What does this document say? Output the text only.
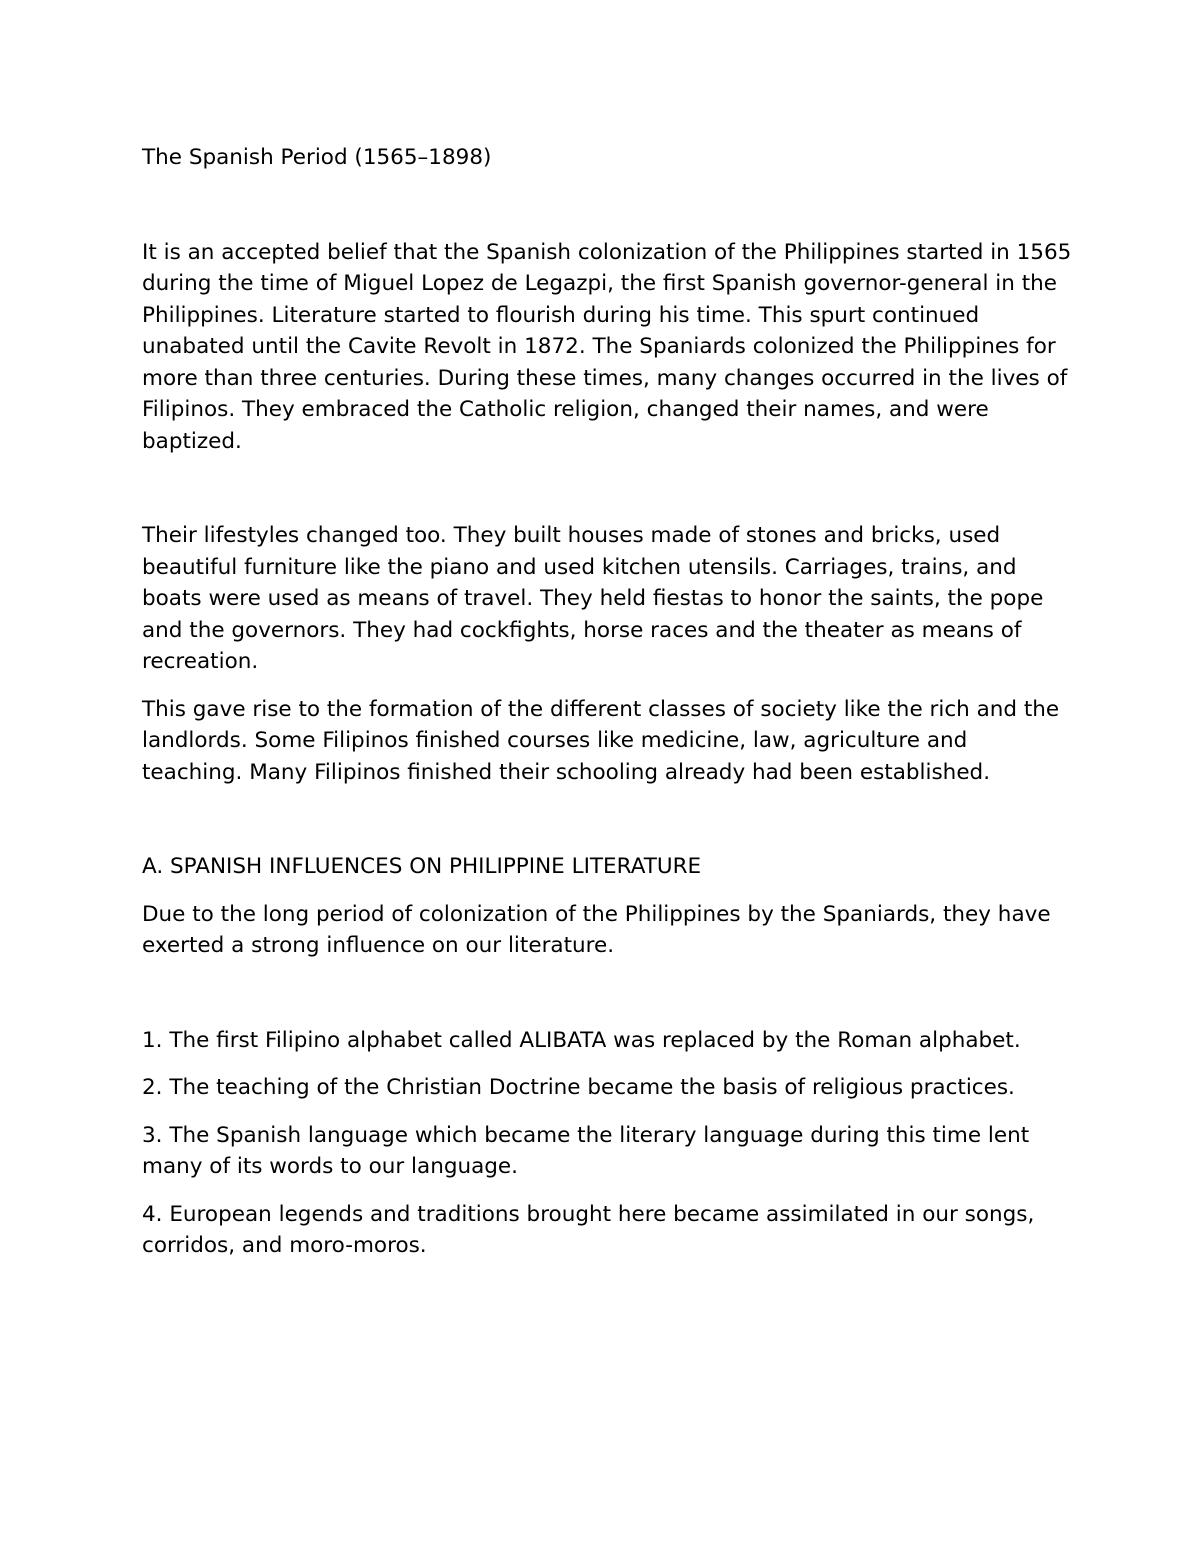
The Spanish Period (1565–1898)

It is an accepted belief that the Spanish colonization of the Philippines started in 1565 during the time of Miguel Lopez de Legazpi, the first Spanish governor-general in the Philippines. Literature started to flourish during his time. This spurt continued unabated until the Cavite Revolt in 1872. The Spaniards colonized the Philippines for more than three centuries. During these times, many changes occurred in the lives of Filipinos. They embraced the Catholic religion, changed their names, and were baptized.

Their lifestyles changed too. They built houses made of stones and bricks, used beautiful furniture like the piano and used kitchen utensils. Carriages, trains, and boats were used as means of travel. They held fiestas to honor the saints, the pope and the governors. They had cockfights, horse races and the theater as means of recreation.

This gave rise to the formation of the different classes of society like the rich and the landlords. Some Filipinos finished courses like medicine, law, agriculture and teaching. Many Filipinos finished their schooling already had been established.

A. SPANISH INFLUENCES ON PHILIPPINE LITERATURE

Due to the long period of colonization of the Philippines by the Spaniards, they have exerted a strong influence on our literature.

1. The first Filipino alphabet called ALIBATA was replaced by the Roman alphabet.

2. The teaching of the Christian Doctrine became the basis of religious practices.

3. The Spanish language which became the literary language during this time lent many of its words to our language.

4. European legends and traditions brought here became assimilated in our songs, corridos, and moro-moros.
